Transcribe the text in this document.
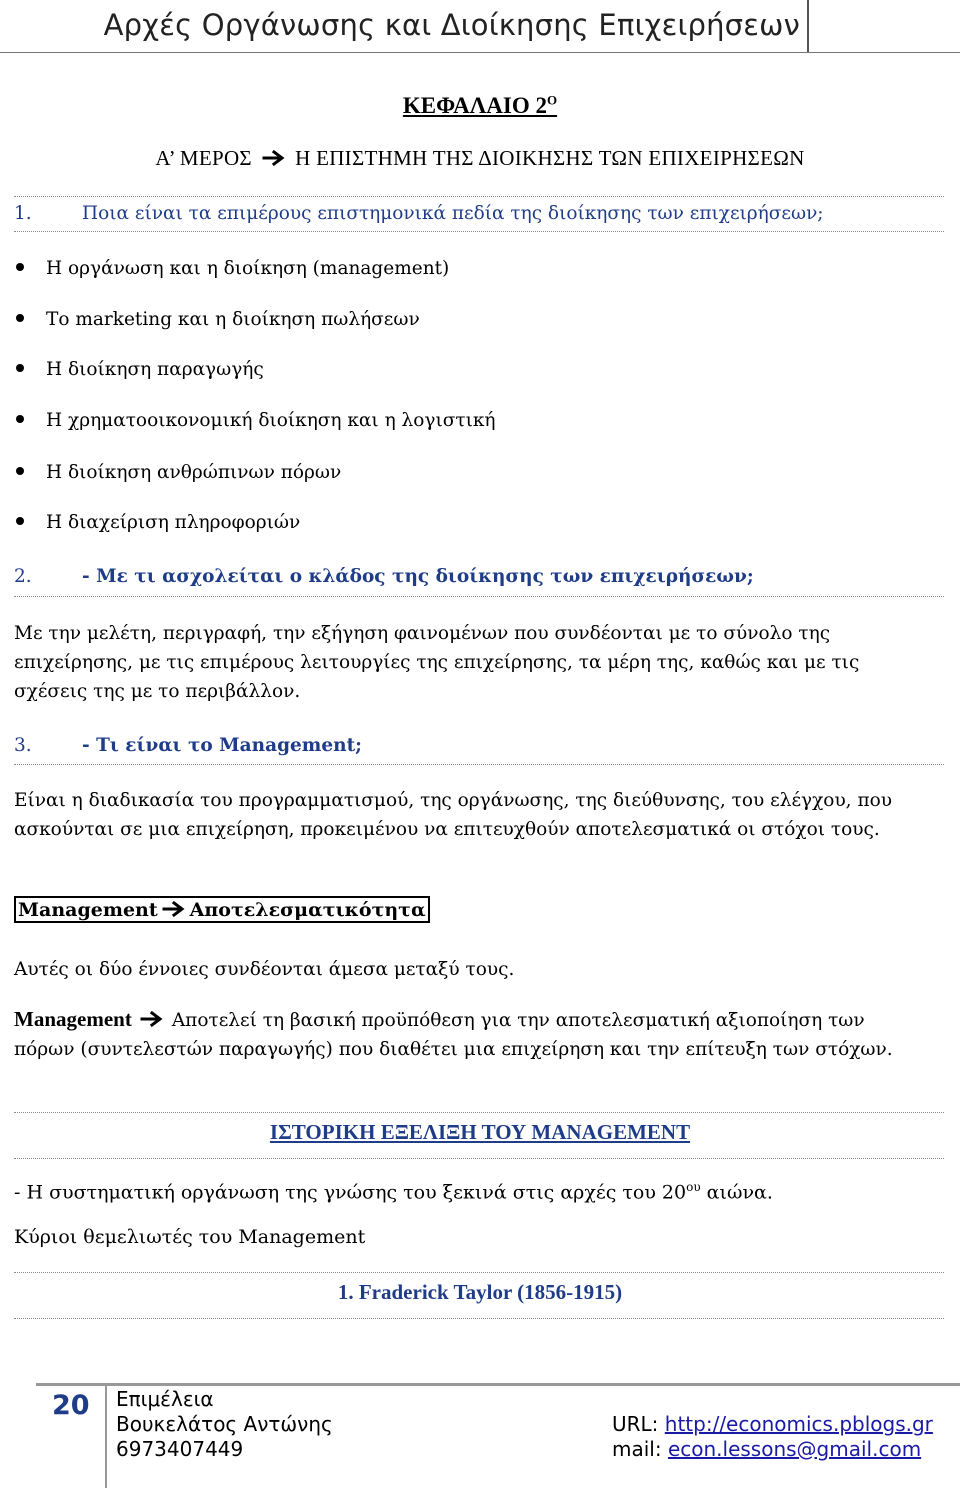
Αρχές Οργάνωσης και Διοίκησης Επιχειρήσεων
ΚΕΦΑΛΑΙΟ $2^O$
Α’ ΜΕΡΟΣ Η ΕΠΙΣΤΗΜΗ ΤΗΣ ΔΙΟΙΚΗΣΗΣ ΤΩΝ ΕΠΙΧΕΙΡΗΣΕΩΝ
1.	Ποια είναι τα επιμέρους επιστημονικά πεδία της διοίκησης των επιχειρήσεων;
Η οργάνωση και η διοίκηση (management)
Το marketing και η διοίκηση πωλήσεων
Η διοίκηση παραγωγής
Η χρηματοοικονομική διοίκηση και η λογιστική
Η διοίκηση ανθρώπινων πόρων
Η διαχείριση πληροφοριών
2.	- Με τι ασχολείται ο κλάδος της διοίκησης των επιχειρήσεων;
Με την μελέτη, περιγραφή, την εξήγηση φαινομένων που συνδέονται με το σύνολο της επιχείρησης, με τις επιμέρους λειτουργίες της επιχείρησης, τα μέρη της, καθώς και με τις σχέσεις της με το περιβάλλον.
3.	- Τι είναι το Management;
Είναι η διαδικασία του προγραμματισμού, της οργάνωσης, της διεύθυνσης, του ελέγχου, που ασκούνται σε μια επιχείρηση, προκειμένου να επιτευχθούν αποτελεσματικά οι στόχοι τους.
Management Αποτελεσματικότητα
Αυτές οι δύο έννοιες συνδέονται άμεσα μεταξύ τους.
Management Αποτελεί τη βασική προϋπόθεση για την αποτελεσματική αξιοποίηση των πόρων (συντελεστών παραγωγής) που διαθέτει μια επιχείρηση και την επίτευξη των στόχων.
ΙΣΤΟΡΙΚΗ ΕΞΕΛΙΞΗ ΤΟΥ MANAGEMENT
- Η συστηματική οργάνωση της γνώσης του ξεκινά στις αρχές του $20^{o\upsilon}$ αιώνα.
Κύριοι θεμελιωτές του Management
1. Fraderick Taylor (1856-1915)
20 Επιμέλεια
Βουκελάτος Αντώνης
6973407449
URL: http://economics.pblogs.gr
mail: econ.lessons@gmail.com
